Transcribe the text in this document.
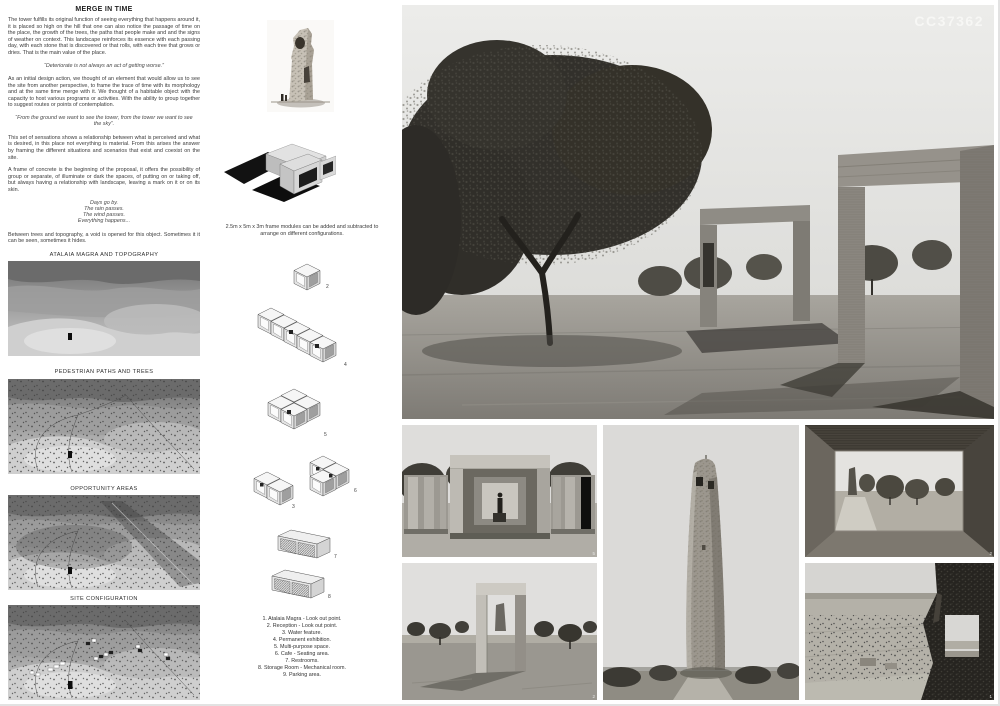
MERGE IN TIME

The tower fulfills its original function of seeing everything that happens around it, it is placed so high on the hill that one can also notice the passage of time on the place, the growth of the trees, the paths that people make and and the signs of weather on context. This landscape reinforces its essence with each passing day, with each stone that is discovered or that rolls, with each tree that grows or dries. That is the main value of the place.

“Deteriorate is not always an act of getting worse.”

As an initial design action, we thought of an element that would allow us to see the site from another perspective, to frame the trace of time with its morphology and at the same time merge with it. We thought of a habitable object with the capacity to host various programs or activities. With the ability to group together to suggest routes or points of contemplation.

“From the ground we want to see the tower, from the tower we want to see the sky”.

This set of sensations shows a relationship between what is perceived and what is desired, in this place not everything is material. From this arises the answer by framing the different situations and scenarios that exist and coexist on the site.

A frame of concrete is the beginning of the proposal, it offers the possibility of group or separate, of illuminate or dark the spaces, of putting on or taking off, but always having a relationship with landscape, leaving a mark on it or on its skin.

Days go by.
The rain passes.
The wind passes.
Everything happens...

Between trees and topography, a void is opened for this object. Sometimes it it can be seen, sometimes it hides.

ATALAIA MAGRA AND TOPOGRAPHY
PEDESTRIAN PATHS AND TREES
OPPORTUNITY AREAS
SITE CONFIGURATION
2.5m x 5m x 3m frame modules can be added and subtracted to arrange on different configurations.
2
4
5
3
6
7
8
1. Atalaia Magra - Look out point.
2. Reception - Look out point.
3. Water feature.
4. Permanent exhibition.
5. Multi-purpose space.
6. Cafe - Seating area.
7. Restrooms.
8. Storage Room - Mechanical room.
9. Parking area.
CC37362
5
2
2
1
